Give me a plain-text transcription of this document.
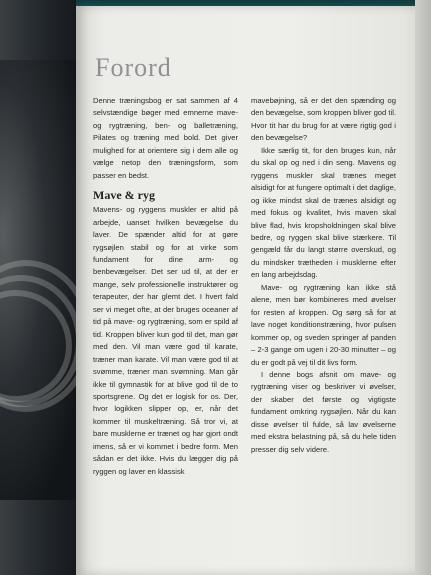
Forord

Denne træningsbog er sat sammen af 4 selvstændige bøger med emnerne mave- og rygtræning, ben- og balletræning, Pilates og træning med bold. Det giver mulighed for at orientere sig i dem alle og vælge netop den træningsform, som passer en bedst.

Mave & ryg

Mavens- og ryggens muskler er altid på arbejde, uanset hvilken bevægelse du laver. De spænder altid for at gøre rygsøjlen stabil og for at virke som fundament for dine arm- og benbevægelser. Det ser ud til, at der er mange, selv professionelle instruktører og terapeuter, der har glemt det. I hvert fald ser vi meget ofte, at der bruges oceaner af tid på mave- og rygtræning, som er spild af tid. Kroppen bliver kun god til det, man gør med den. Vil man være god til karate, træner man karate. Vil man være god til at svømme, træner man svømning. Man går ikke til gymnastik for at blive god til de to sportsgrene. Og det er logisk for os. Der, hvor logikken slipper op, er, når det kommer til muskeltræning. Så tror vi, at bare musklerne er trænet og har gjort ondt imens, så er vi kommet i bedre form. Men sådan er det ikke. Hvis du lægger dig på ryggen og laver en klassisk

mavebøjning, så er det den spænding og den bevægelse, som kroppen bliver god til. Hvor tit har du brug for at være rigtig god i den bevægelse?

Ikke særlig tit, for den bruges kun, når du skal op og ned i din seng. Mavens og ryggens muskler skal trænes meget alsidigt for at fungere optimalt i det daglige, og ikke mindst skal de trænes alsidigt og med fokus og kvalitet, hvis maven skal blive flad, hvis kropsholdningen skal blive bedre, og ryggen skal blive stærkere. Til gengæld får du langt større overskud, og du mindsker trætheden i musklerne efter en lang arbejdsdag.

Mave- og rygtræning kan ikke stå alene, men bør kombineres med øvelser for resten af kroppen. Og sørg så for at lave noget konditionstræning, hvor pulsen kommer op, og sveden springer af panden – 2-3 gange om ugen i 20-30 minutter – og du er godt på vej til dit livs form.

I denne bogs afsnit om mave- og rygtræning viser og beskriver vi øvelser, der skaber det første og vigtigste fundament omkring rygsøjlen. Når du kan disse øvelser til fulde, så lav øvelserne med ekstra belastning på, så du hele tiden presser dig selv videre.
